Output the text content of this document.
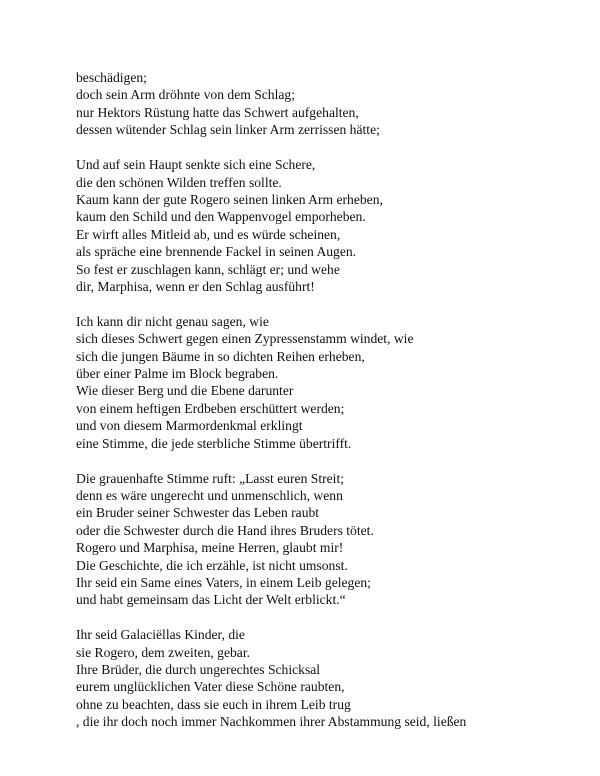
beschädigen;
doch sein Arm dröhnte von dem Schlag;
nur Hektors Rüstung hatte das Schwert aufgehalten,
dessen wütender Schlag sein linker Arm zerrissen hätte;
Und auf sein Haupt senkte sich eine Schere,
die den schönen Wilden treffen sollte.
Kaum kann der gute Rogero seinen linken Arm erheben,
kaum den Schild und den Wappenvogel emporheben.
Er wirft alles Mitleid ab, und es würde scheinen,
als spräche eine brennende Fackel in seinen Augen.
So fest er zuschlagen kann, schlägt er; und wehe
dir, Marphisa, wenn er den Schlag ausführt!
Ich kann dir nicht genau sagen, wie
sich dieses Schwert gegen einen Zypressenstamm windet, wie
sich die jungen Bäume in so dichten Reihen erheben,
über einer Palme im Block begraben.
Wie dieser Berg und die Ebene darunter
von einem heftigen Erdbeben erschüttert werden;
und von diesem Marmordenkmal erklingt
eine Stimme, die jede sterbliche Stimme übertrifft.
Die grauenhafte Stimme ruft: „Lasst euren Streit;
denn es wäre ungerecht und unmenschlich, wenn
ein Bruder seiner Schwester das Leben raubt
oder die Schwester durch die Hand ihres Bruders tötet.
Rogero und Marphisa, meine Herren, glaubt mir!
Die Geschichte, die ich erzähle, ist nicht umsonst.
Ihr seid ein Same eines Vaters, in einem Leib gelegen;
und habt gemeinsam das Licht der Welt erblickt.“
Ihr seid Galaciëllas Kinder, die
sie Rogero, dem zweiten, gebar.
Ihre Brüder, die durch ungerechtes Schicksal
eurem unglücklichen Vater diese Schöne raubten,
ohne zu beachten, dass sie euch in ihrem Leib trug
, die ihr doch noch immer Nachkommen ihrer Abstammung seid, ließen
